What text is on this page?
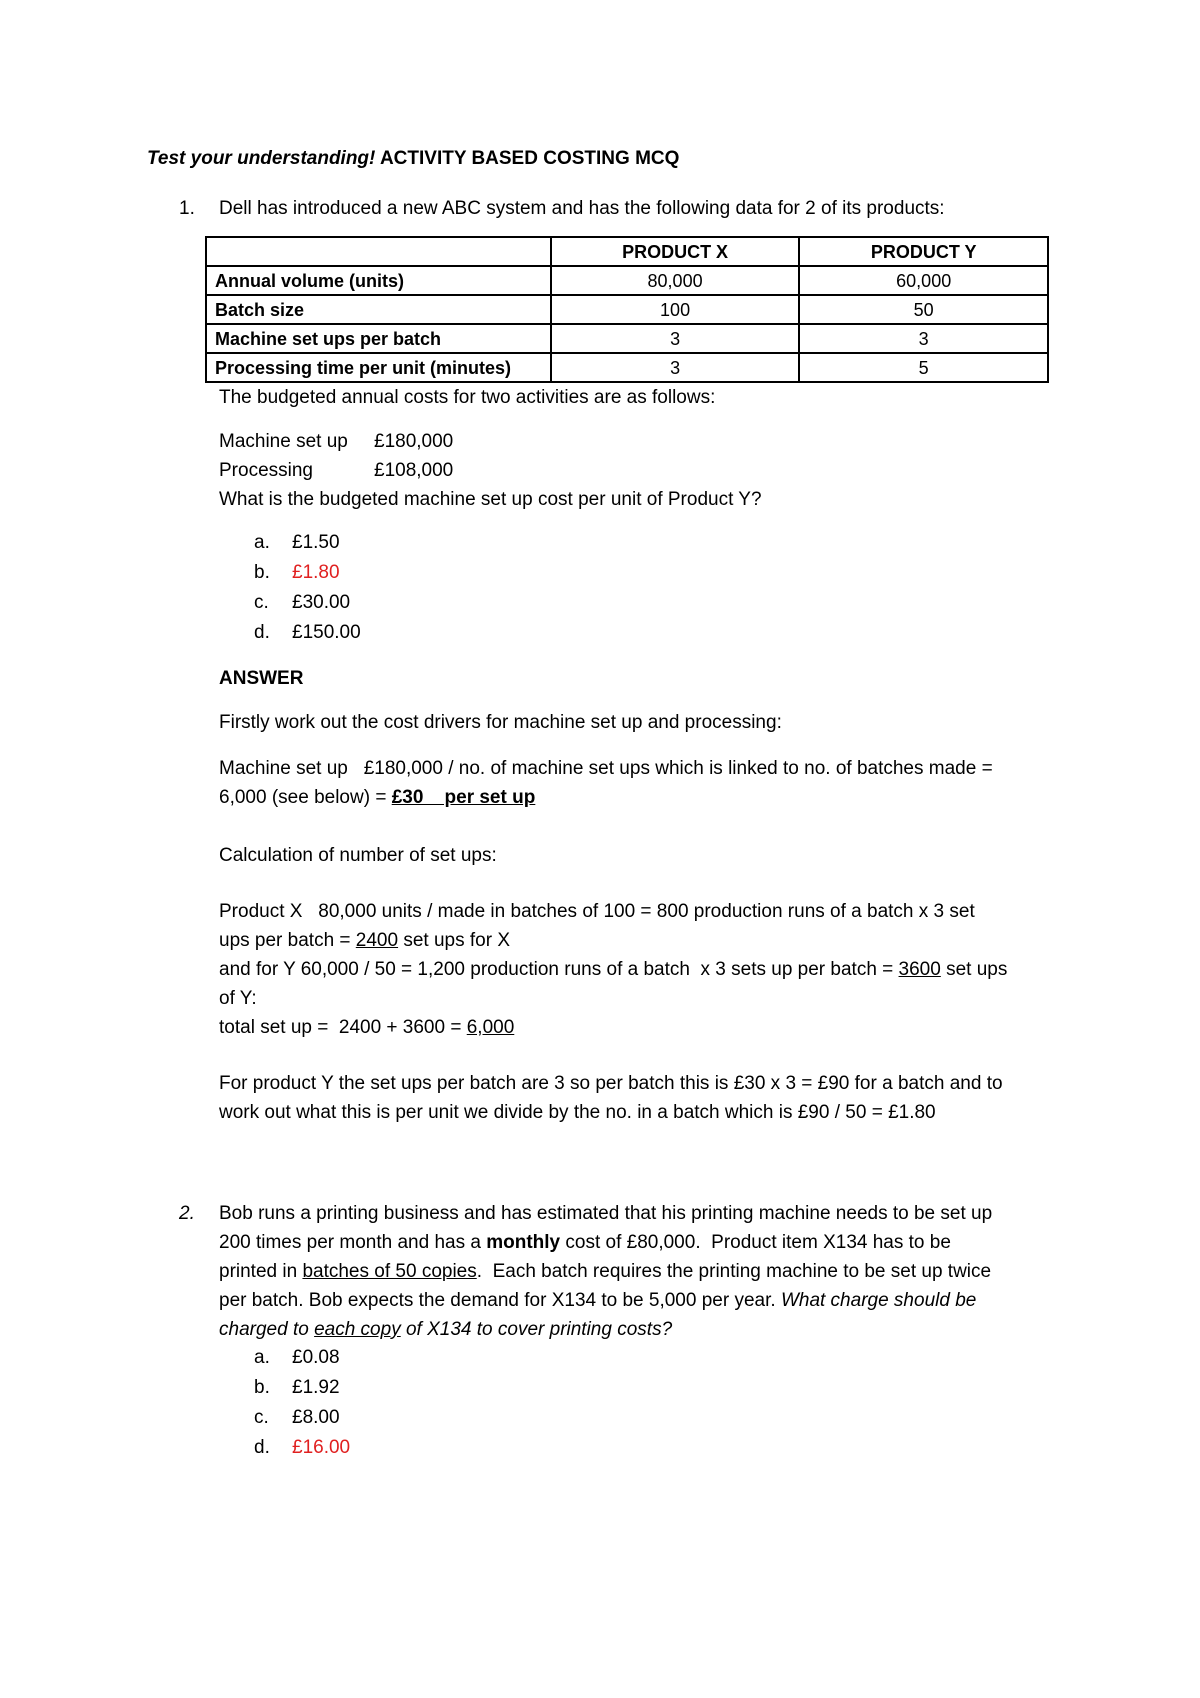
Test your understanding! ACTIVITY BASED COSTING MCQ
1.	Dell has introduced a new ABC system and has the following data for 2 of its products:
	PRODUCT X	PRODUCT Y
Annual volume (units)	80,000	60,000
Batch size	100	50
Machine set ups per batch	3	3
Processing time per unit (minutes)	3	5
The budgeted annual costs for two activities are as follows:
Machine set up £180,000
Processing	£108,000
What is the budgeted machine set up cost per unit of Product Y?
a. £1.50
b. £1.80
c. £30.00
d. £150.00
ANSWER
Firstly work out the cost drivers for machine set up and processing:
Machine set up   £180,000 / no. of machine set ups which is linked to no. of batches made =
6,000 (see below) = £30    per set up
Calculation of number of set ups:
Product X   80,000 units / made in batches of 100 = 800 production runs of a batch x 3 set
ups per batch = 2400 set ups for X
and for Y 60,000 / 50 = 1,200 production runs of a batch  x 3 sets up per batch = 3600 set ups
of Y:
total set up =  2400 + 3600 = 6,000
For product Y the set ups per batch are 3 so per batch this is £30 x 3 = £90 for a batch and to
work out what this is per unit we divide by the no. in a batch which is £90 / 50 = £1.80
2.	Bob runs a printing business and has estimated that his printing machine needs to be set up
200 times per month and has a monthly cost of £80,000.  Product item X134 has to be
printed in batches of 50 copies.  Each batch requires the printing machine to be set up twice
per batch. Bob expects the demand for X134 to be 5,000 per year. What charge should be
charged to each copy of X134 to cover printing costs?
a. £0.08
b. £1.92
c. £8.00
d. £16.00
